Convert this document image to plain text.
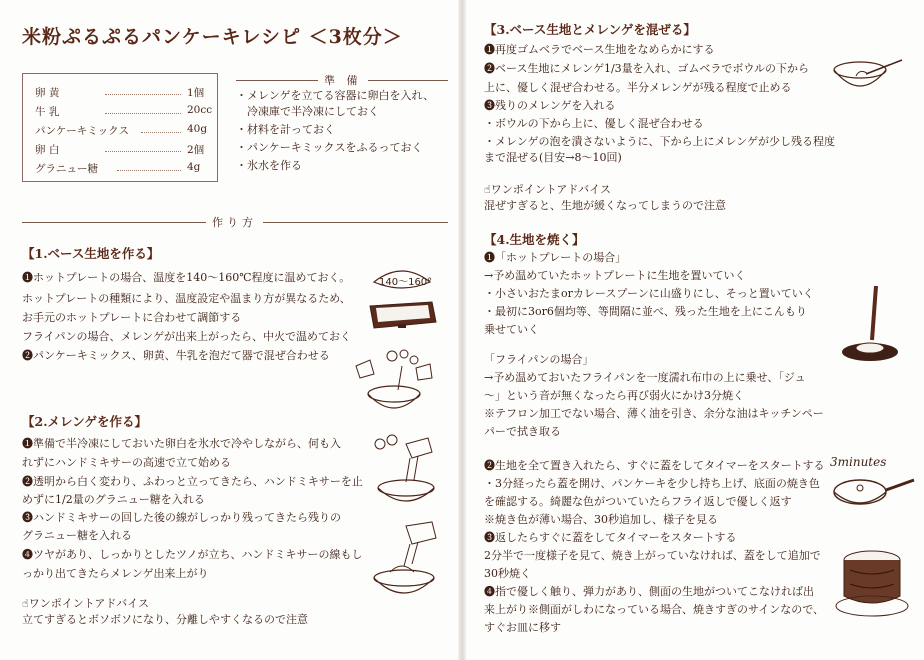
米粉ぷるぷるパンケーキレシピ ＜3枚分＞
卵 黄	1個
牛 乳	20cc
パンケーキミックス	40g
卵 白	2個
グラニュー糖	4g
準 備
・メレンゲを立てる容器に卵白を入れ、
　冷凍庫で半冷凍にしておく
・材料を計っておく
・パンケーキミックスをふるっておく
・氷水を作る
作り方
【1.ベース生地を作る】
❶ホットプレートの場合、温度を140～160℃程度に温めておく。
ホットプレートの種類により、温度設定や温まり方が異なるため、
お手元のホットプレートに合わせて調節する
フライパンの場合、メレンゲが出来上がったら、中火で温めておく
❷パンケーキミックス、卵黄、牛乳を泡だて器で混ぜ合わせる
140～160°
【2.メレンゲを作る】
❶準備で半冷凍にしておいた卵白を氷水で冷やしながら、何も入
れずにハンドミキサーの高速で立て始める
❷透明から白く変わり、ふわっと立ってきたら、ハンドミキサーを止
めずに1/2量のグラニュー糖を入れる
❸ハンドミキサーの回した後の線がしっかり残ってきたら残りの
グラニュー糖を入れる
❹ツヤがあり、しっかりとしたツノが立ち、ハンドミキサーの線もし
っかり出てきたらメレンゲ出来上がり
☝ワンポイントアドバイス
立てすぎるとボソボソになり、分離しやすくなるので注意
【3.ベース生地とメレンゲを混ぜる】
❶再度ゴムベラでベース生地をなめらかにする
❷ベース生地にメレンゲ1/3量を入れ、ゴムベラでボウルの下から
上に、優しく混ぜ合わせる。半分メレンゲが残る程度で止める
❸残りのメレンゲを入れる
・ボウルの下から上に、優しく混ぜ合わせる
・メレンゲの泡を潰さないように、下から上にメレンゲが少し残る程度
まで混ぜる(目安→8～10回)
☝ワンポイントアドバイス
混ぜすぎると、生地が緩くなってしまうので注意
【4.生地を焼く】
❶「ホットプレートの場合」
→予め温めていたホットプレートに生地を置いていく
・小さいおたまorカレースプーンに山盛りにし、そっと置いていく
・最初に3or6個均等、等間隔に並べ、残った生地を上にこんもり
乗せていく
「フライパンの場合」
→予め温めておいたフライパンを一度濡れ布巾の上に乗せ、「ジュ
～」という音が無くなったら再び弱火にかけ3分焼く
※テフロン加工でない場合、薄く油を引き、余分な油はキッチンペー
パーで拭き取る
❷生地を全て置き入れたら、すぐに蓋をしてタイマーをスタートする
・3分経ったら蓋を開け、パンケーキを少し持ち上げ、底面の焼き色
を確認する。綺麗な色がついていたらフライ返しで優しく返す
※焼き色が薄い場合、30秒追加し、様子を見る
❸返したらすぐに蓋をしてタイマーをスタートする
2分半で一度様子を見て、焼き上がっていなければ、蓋をして追加で
30秒焼く
❹指で優しく触り、弾力があり、側面の生地がついてこなければ出
来上がり※側面がしわになっている場合、焼きすぎのサインなので、
すぐお皿に移す
3minutes
